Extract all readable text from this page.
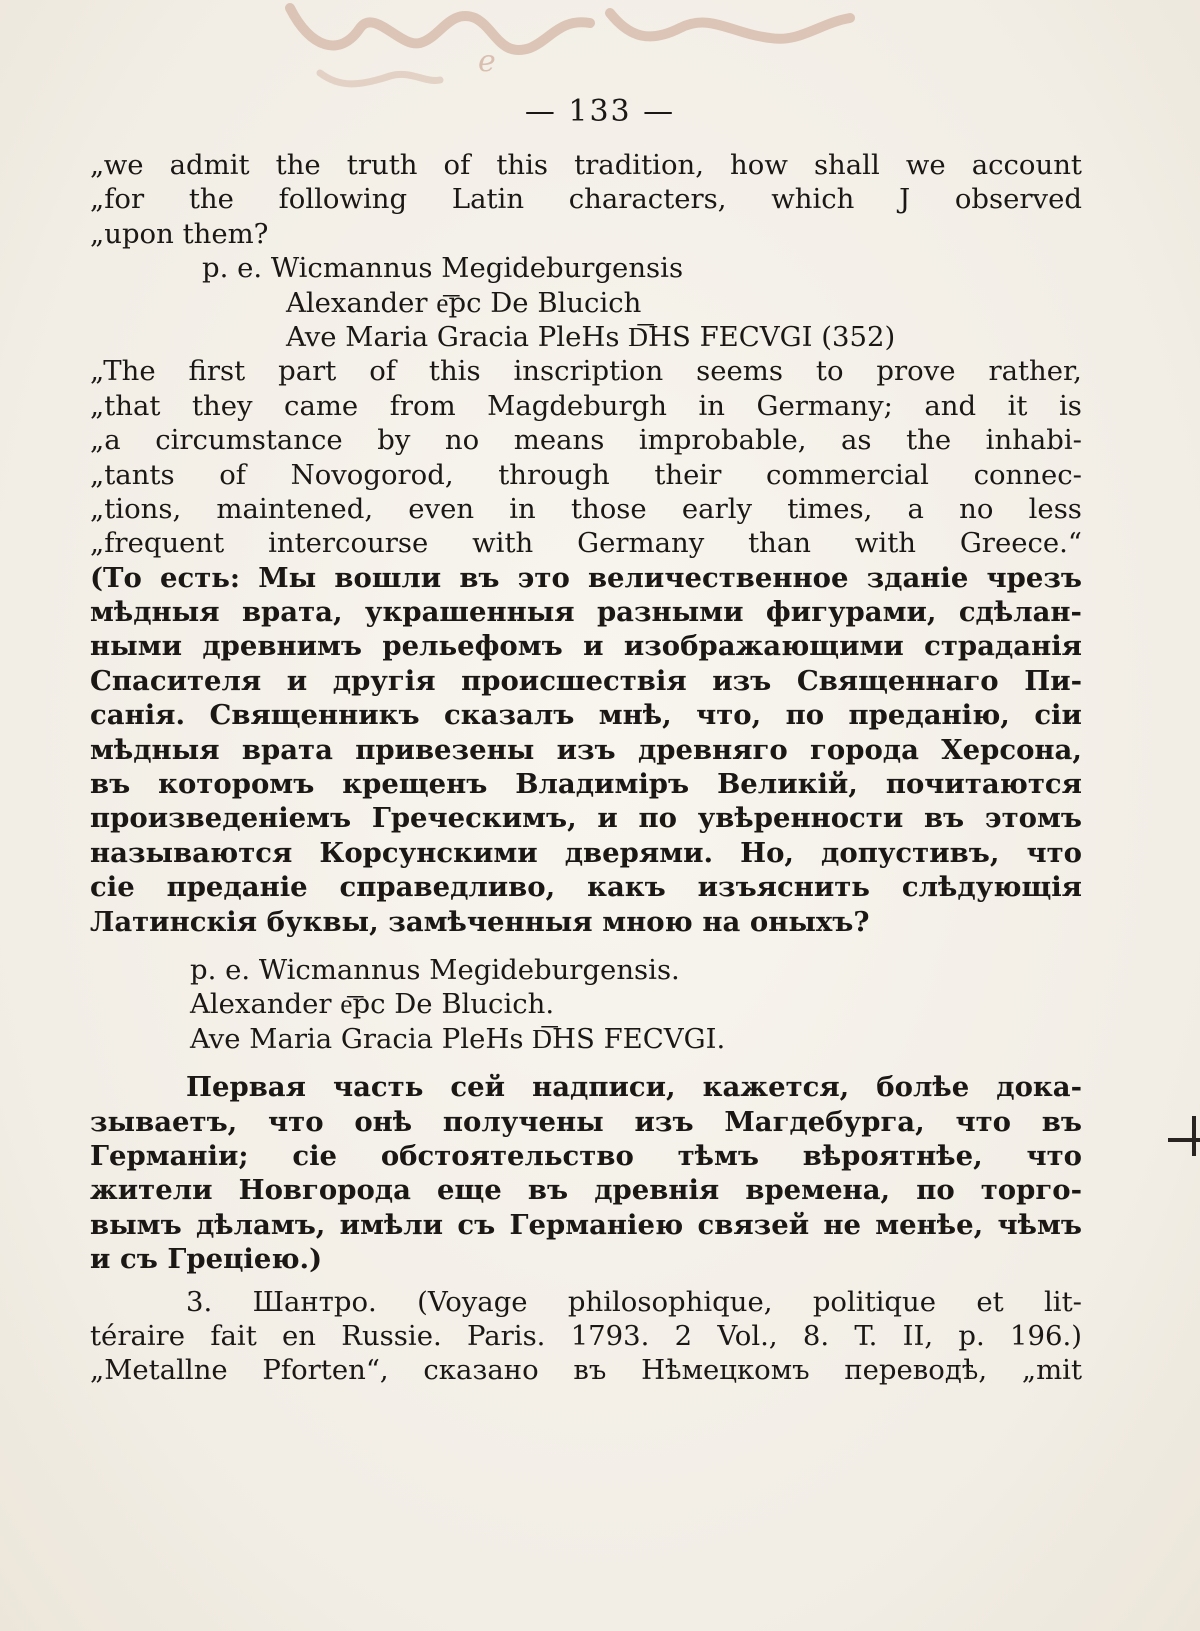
e
— 133 —
„we admit the truth of this tradition, how shall we account
„for the following Latin characters, which J observed
„upon them?
p. e. Wicmannus Megideburgensis
Alexander e͞pc De Blucich
Ave Maria Gracia PleHs D͞HS FECVGI (352)
„The first part of this inscription seems to prove rather,
„that they came from Magdeburgh in Germany; and it is
„a circumstance by no means improbable, as the inhabi-
„tants of Novogorod, through their commercial connec-
„tions, maintened, even in those early times, a no less
„frequent intercourse with Germany than with Greece.“
(То есть: Мы вошли въ это величественное зданіе чрезъ
мѣдныя врата, украшенныя разными фигурами, сдѣлан-
ными древнимъ рельефомъ и изображающими страданія
Спасителя и другія происшествія изъ Священнаго Пи-
санія. Священникъ сказалъ мнѣ, что, по преданію, сіи
мѣдныя врата привезены изъ древняго города Херсона,
въ которомъ крещенъ Владиміръ Великій, почитаются
произведеніемъ Греческимъ, и по увѣренности въ этомъ
называются Корсунскими дверями. Но, допустивъ, что
сіе преданіе справедливо, какъ изъяснить слѣдующія
Латинскія буквы, замѣченныя мною на оныхъ?
p. e. Wicmannus Megideburgensis.
Alexander e͞pc De Blucich.
Ave Maria Gracia PleHs D͞HS FECVGI.
Первая часть сей надписи, кажется, болѣе дока-
зываетъ, что онѣ получены изъ Магдебурга, что въ
Германіи; сіе обстоятельство тѣмъ вѣроятнѣе, что
жители Новгорода еще въ древнія времена, по торго-
вымъ дѣламъ, имѣли съ Германіею связей не менѣе, чѣмъ
и съ Греціею.)
3. Шантро. (Voyage philosophique, politique et lit-
téraire fait en Russie. Paris. 1793. 2 Vol., 8. T. II, p. 196.)
„Metallne Pforten“, сказано въ Нѣмецкомъ переводѣ, „mit
